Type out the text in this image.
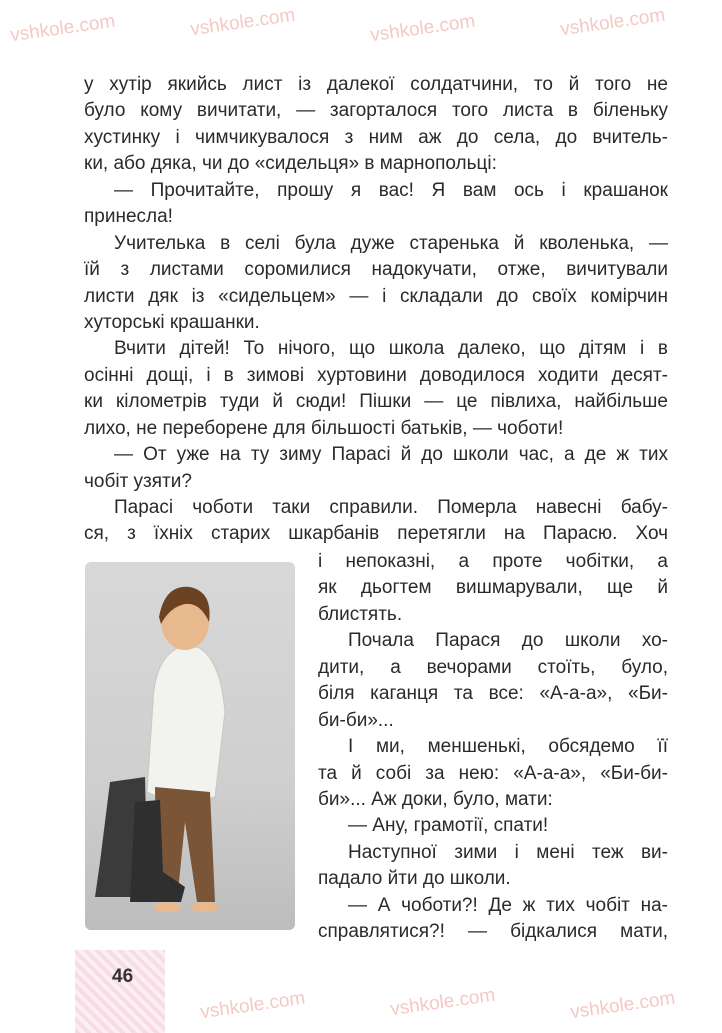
vshkole.com	vshkole.com	vshkole.com	vshkole.com
vshkole.com	vshkole.com	vshkole.com
у хутір якийсь лист із далекої солдатчини, то й того не
було кому вичитати, — загорталося того листа в біленьку
хустинку і чимчикувалося з ним аж до села, до вчитель-
ки, або дяка, чи до «сидельця» в марнопольці:
— Прочитайте, прошу я вас! Я вам ось і крашанок
принесла!
Учителька в селі була дуже старенька й кволенька, —
їй з листами соромилися надокучати, отже, вичитували
листи дяк із «сидельцем» — і складали до своїх комірчин
хуторські крашанки.
Вчити дітей! То нічого, що школа далеко, що дітям і в
осінні дощі, і в зимові хуртовини доводилося ходити десят-
ки кілометрів туди й сюди! Пішки — це півлиха, найбільше
лихо, не переборене для більшості батьків, — чоботи!
— От уже на ту зиму Парасі й до школи час, а де ж тих
чобіт узяти?
Парасі чоботи таки справили. Померла навесні бабу-
ся, з їхніх старих шкарбанів перетягли на Парасю. Хоч
і непоказні, а проте чобітки, а
як дьогтем вишмарували, ще й
блистять.
Почала Парася до школи хо-
дити, а вечорами стоїть, було,
біля каганця та все: «А-а-а», «Би-
би-би»...
І ми, меншенькі, обсядемо її
та й собі за нею: «А-а-а», «Би-би-
би»... Аж доки, було, мати:
— Ану, грамотії, спати!
Наступної зими і мені теж ви-
падало йти до школи.
— А чоботи?! Де ж тих чобіт на-
справлятися?! — бідкалися мати,
46
